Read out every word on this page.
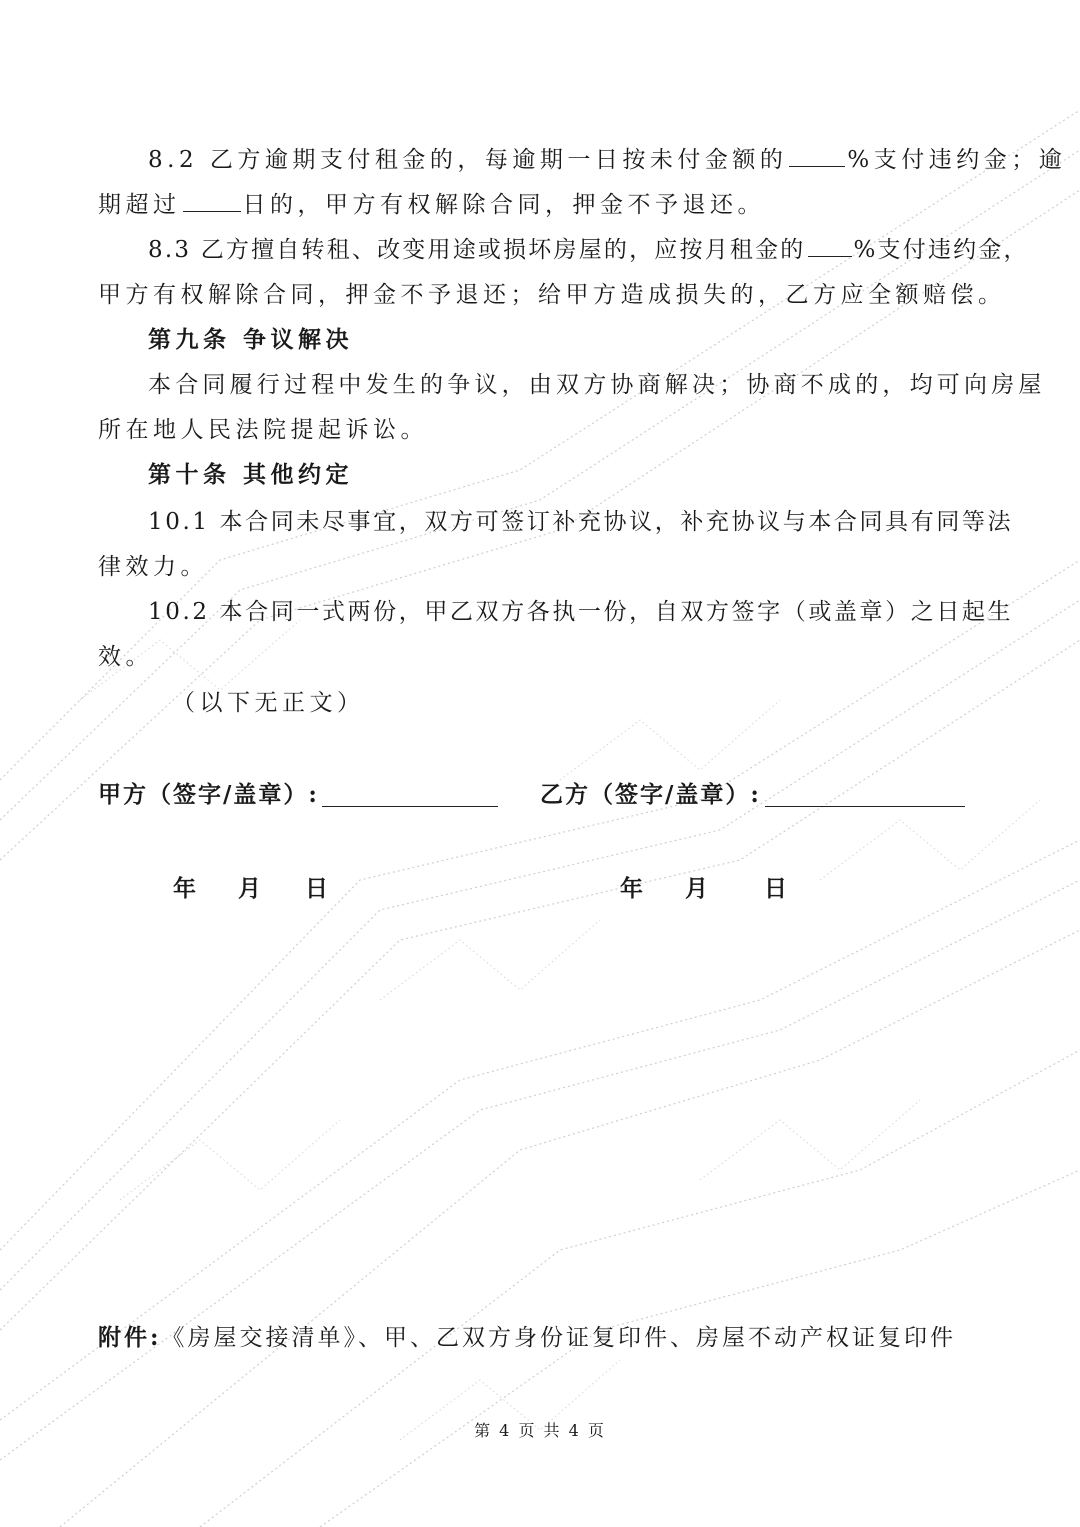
8.2 乙方逾期支付租金的，每逾期一日按未付金额的	%支付违约金；逾
期超过	日的，甲方有权解除合同，押金不予退还。
8.3 乙方擅自转租、改变用途或损坏房屋的，应按月租金的 %支付违约金，
甲方有权解除合同，押金不予退还；给甲方造成损失的，乙方应全额赔偿。
第九条 争议解决
本合同履行过程中发生的争议，由双方协商解决；协商不成的，均可向房屋
所在地人民法院提起诉讼。
第十条 其他约定
10.1 本合同未尽事宜，双方可签订补充协议，补充协议与本合同具有同等法
律效力。
10.2 本合同一式两份，甲乙双方各执一份，自双方签字（或盖章）之日起生
效。
（以下无正文）
甲方（签字/盖章）:	乙方（签字/盖章）:
年 月 日	年 月 日
附件:《房屋交接清单》、甲、乙双方身份证复印件、房屋不动产权证复印件
第 4 页 共 4 页
